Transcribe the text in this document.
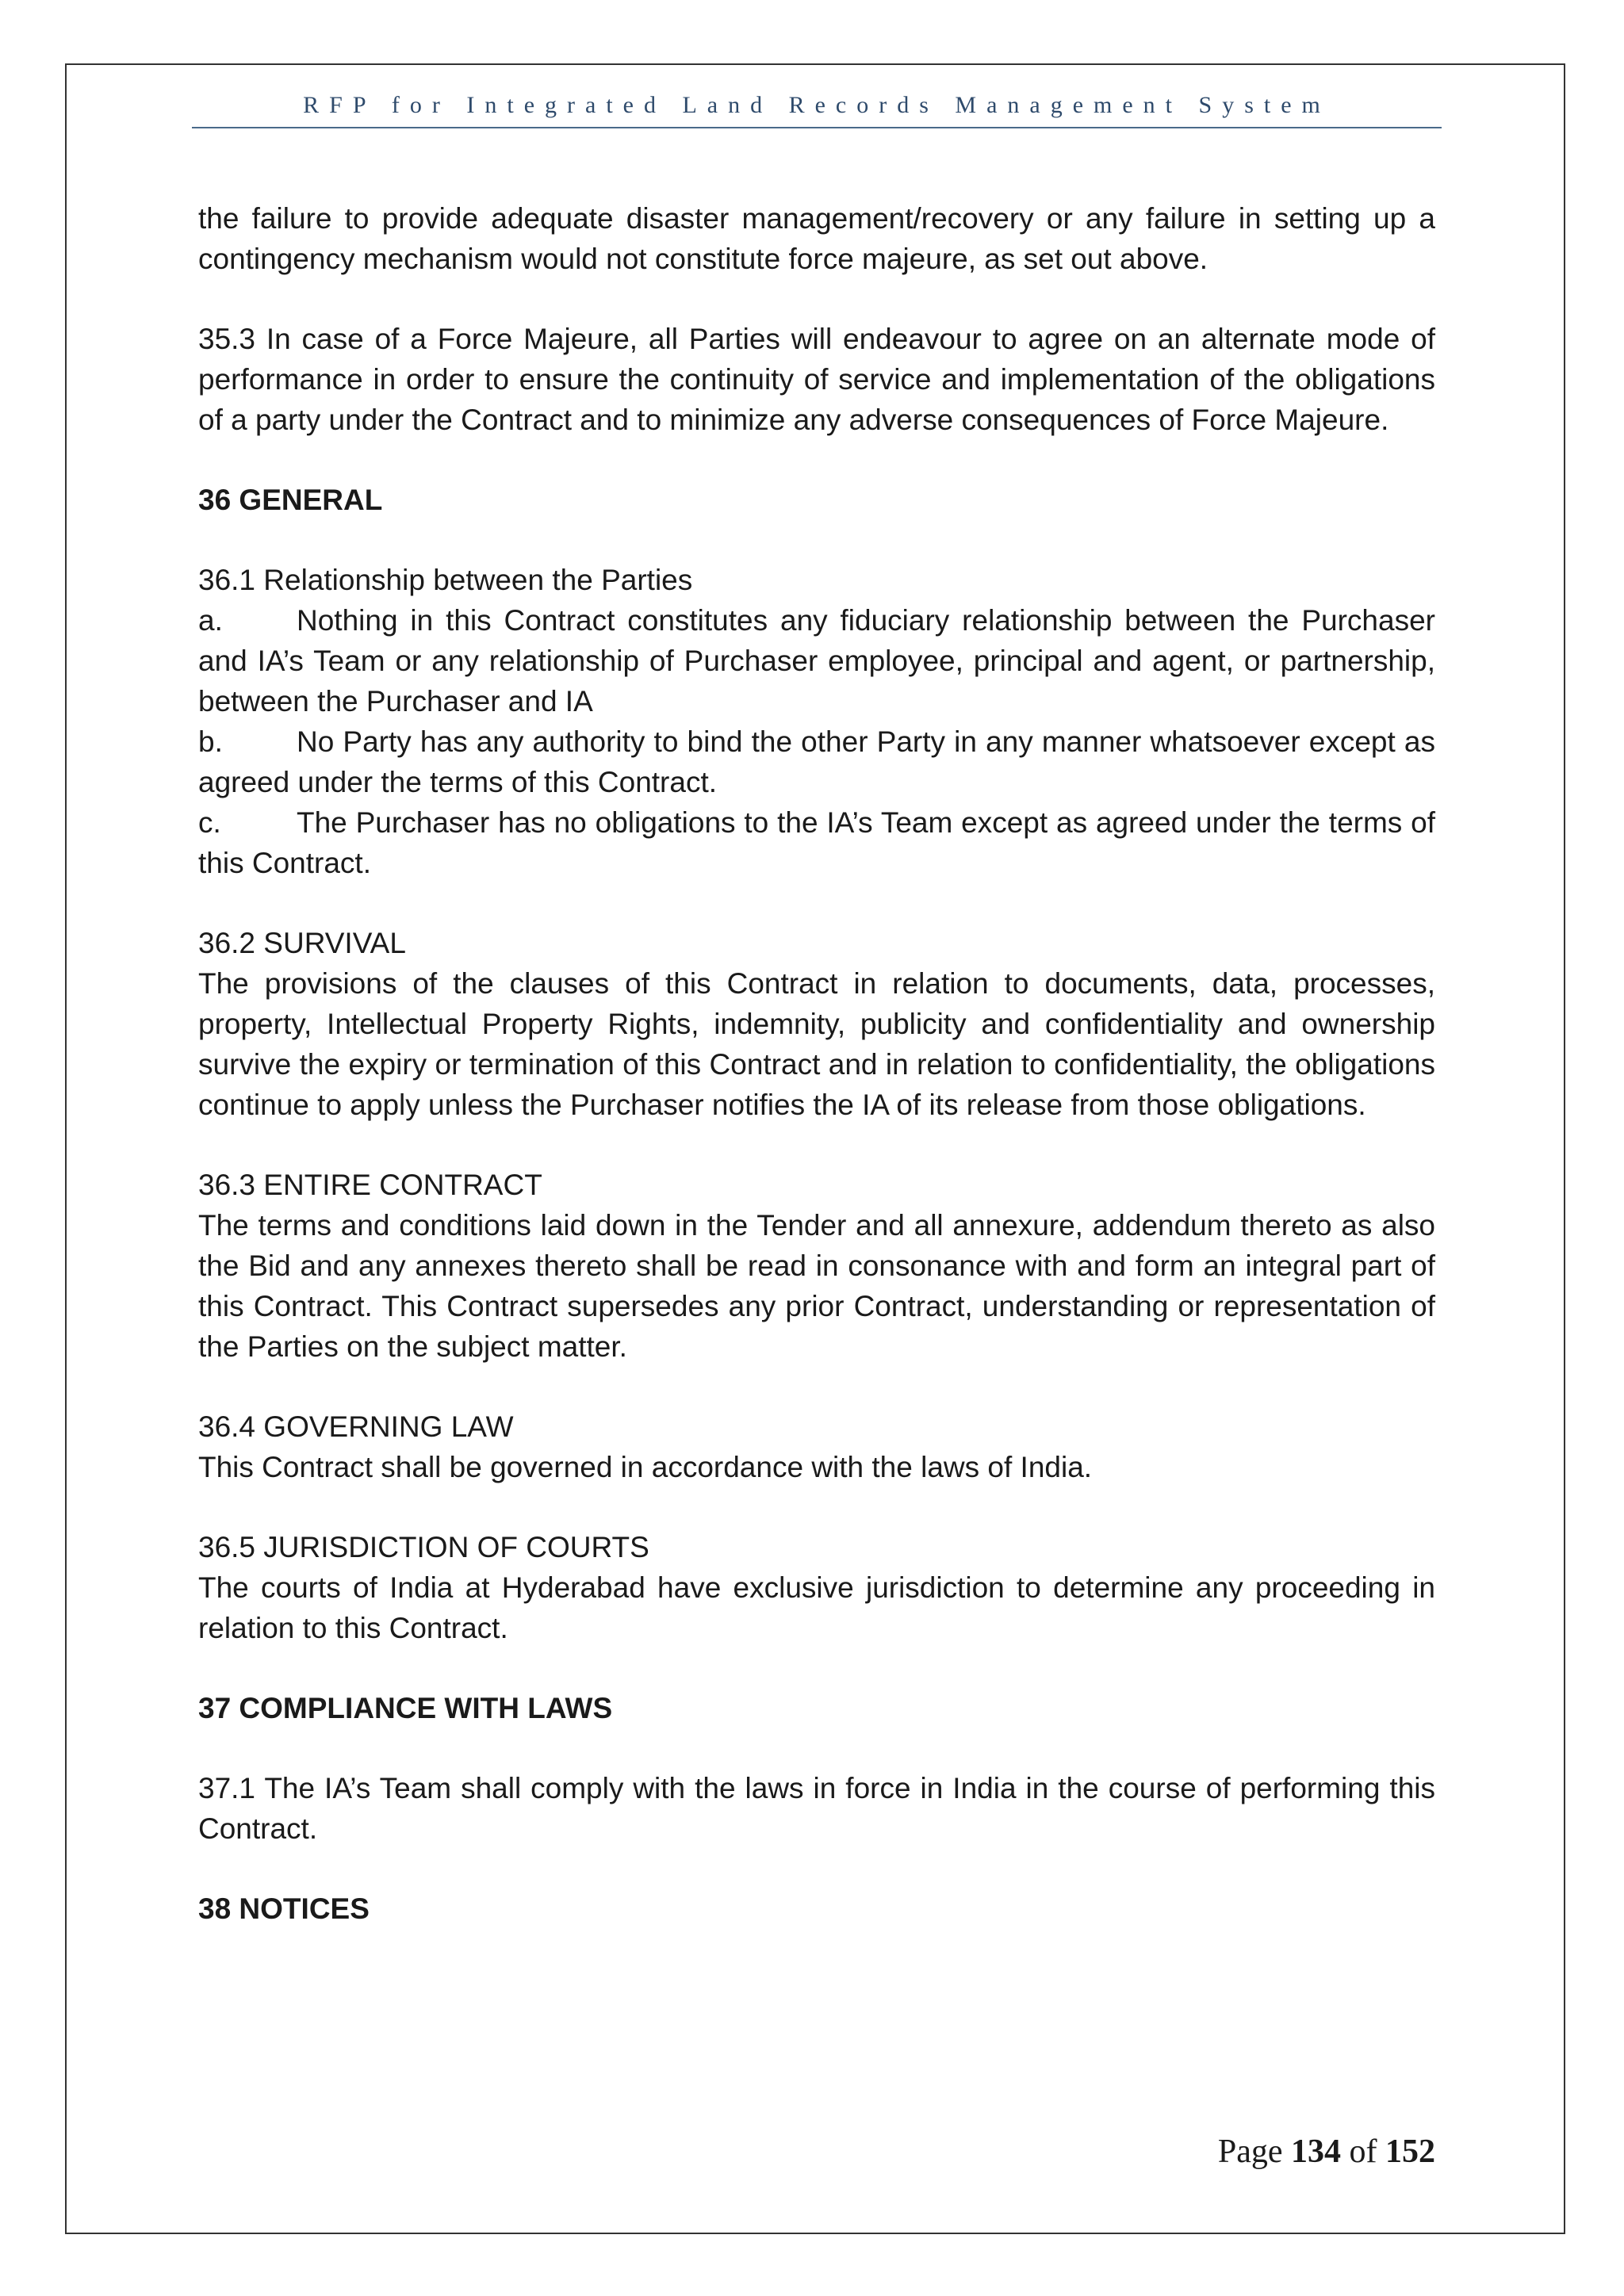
RFP for Integrated Land Records Management System

the failure to provide adequate disaster management/recovery or any failure in setting up a contingency mechanism would not constitute force majeure, as set out above.

35.3 In case of a Force Majeure, all Parties will endeavour to agree on an alternate mode of performance in order to ensure the continuity of service and implementation of the obligations of a party under the Contract and to minimize any adverse consequences of Force Majeure.

36 GENERAL

36.1 Relationship between the Parties

a.	Nothing in this Contract constitutes any fiduciary relationship between the Purchaser and IA’s Team or any relationship of Purchaser employee, principal and agent, or partnership, between the Purchaser and IA

b.	No Party has any authority to bind the other Party in any manner whatsoever except as agreed under the terms of this Contract.

c.	The Purchaser has no obligations to the IA’s Team except as agreed under the terms of this Contract.

36.2 SURVIVAL

The provisions of the clauses of this Contract in relation to documents, data, processes, property, Intellectual Property Rights, indemnity, publicity and confidentiality and ownership survive the expiry or termination of this Contract and in relation to confidentiality, the obligations continue to apply unless the Purchaser notifies the IA of its release from those obligations.

36.3 ENTIRE CONTRACT

The terms and conditions laid down in the Tender and all annexure, addendum thereto as also the Bid and any annexes thereto shall be read in consonance with and form an integral part of this Contract. This Contract supersedes any prior Contract, understanding or representation of the Parties on the subject matter.

36.4 GOVERNING LAW

This Contract shall be governed in accordance with the laws of India.

36.5 JURISDICTION OF COURTS

The courts of India at Hyderabad have exclusive jurisdiction to determine any proceeding in relation to this Contract.

37 COMPLIANCE WITH LAWS

37.1 The IA’s Team shall comply with the laws in force in India in the course of performing this Contract.

38 NOTICES

Page 134 of 152
